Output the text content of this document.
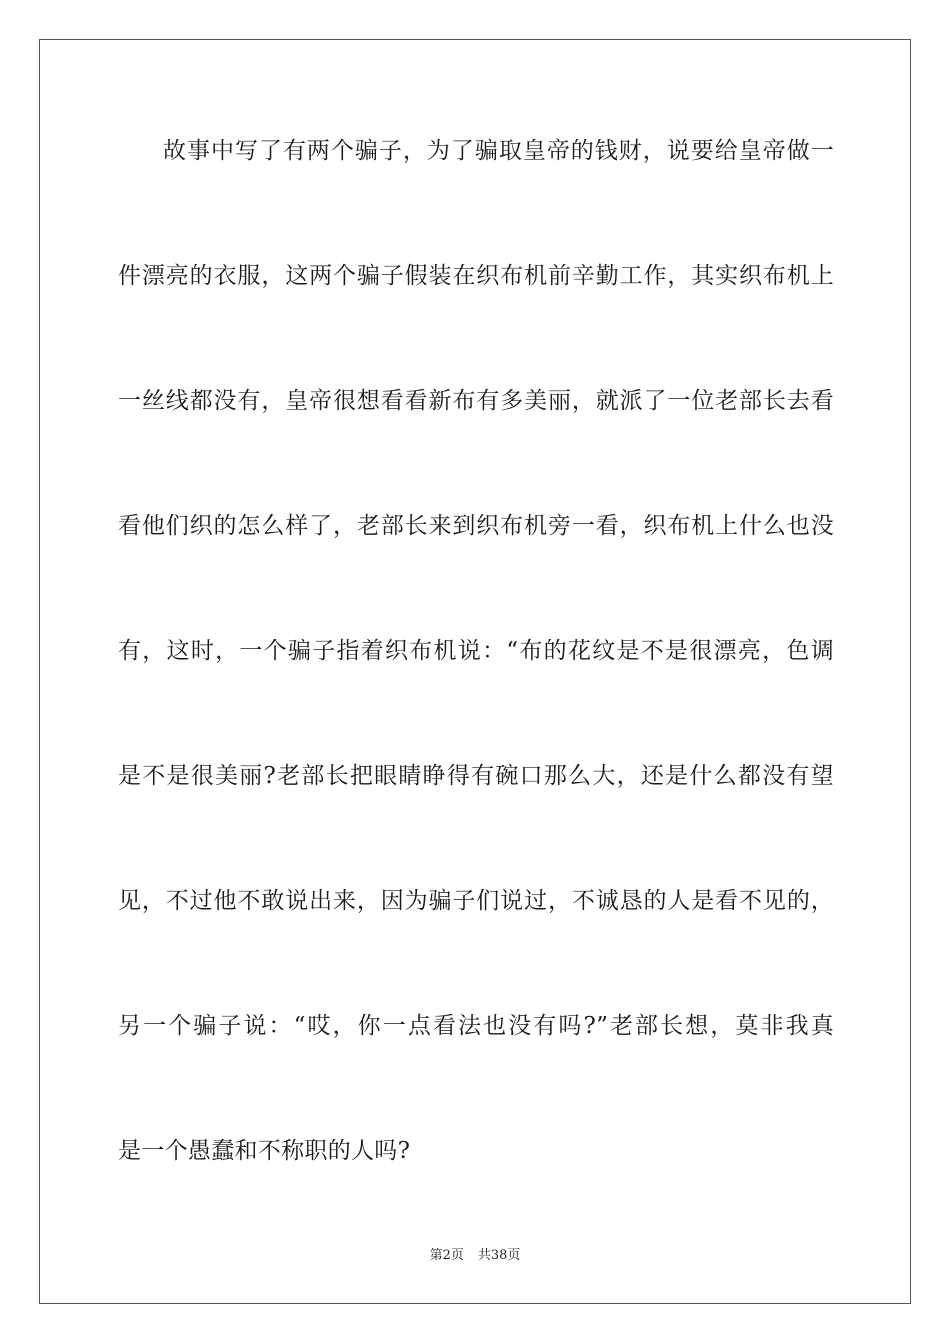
故事中写了有两个骗子，为了骗取皇帝的钱财，说要给皇帝做一

件漂亮的衣服，这两个骗子假装在织布机前辛勤工作，其实织布机上

一丝线都没有，皇帝很想看看新布有多美丽，就派了一位老部长去看

看他们织的怎么样了，老部长来到织布机旁一看，织布机上什么也没

有，这时，一个骗子指着织布机说：“布的花纹是不是很漂亮，色调

是不是很美丽?老部长把眼睛睁得有碗口那么大，还是什么都没有望

见，不过他不敢说出来，因为骗子们说过，不诚恳的人是看不见的，

另一个骗子说：“哎，你一点看法也没有吗?”老部长想，莫非我真

是一个愚蠢和不称职的人吗?

第2页 共38页
